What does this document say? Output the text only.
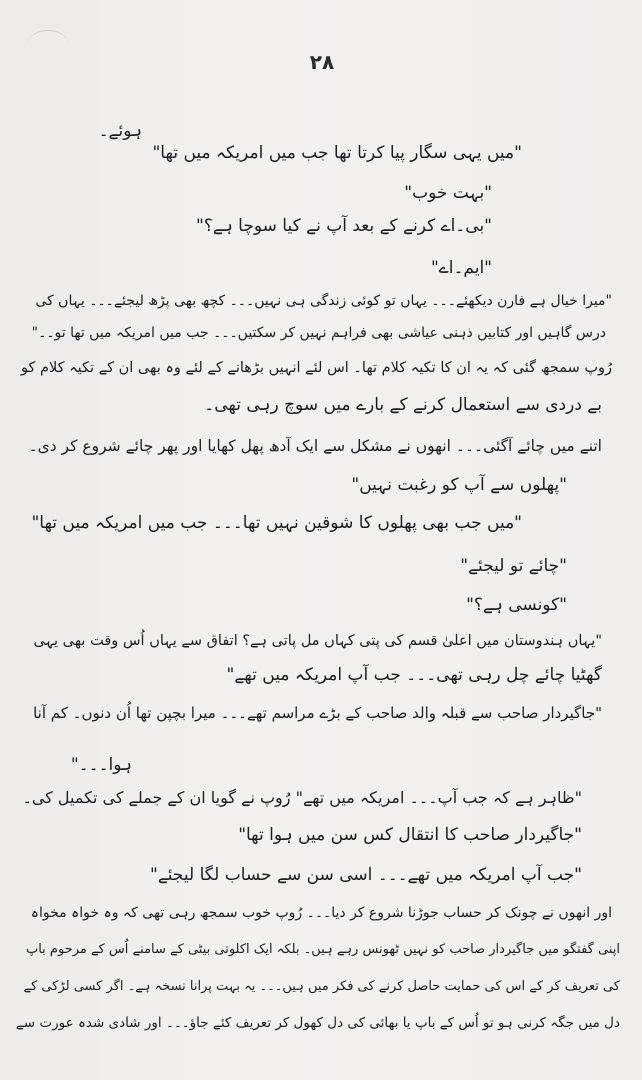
۲۸
ہوئے۔
"میں یہی سگار پیا کرتا تھا جب میں امریکہ میں تھا"
"بہت خوب"
"بی۔اے کرنے کے بعد آپ نے کیا سوچا ہے؟"
"ایم۔اے"
"میرا خیال ہے فارن دیکھئے۔۔۔ یہاں تو کوئی زندگی ہی نہیں۔۔۔ کچھ بھی پڑھ لیجئے۔۔۔ یہاں کی
درس گاہیں اور کتابیں ذہنی عیاشی بھی فراہم نہیں کر سکتیں۔۔۔ جب میں امریکہ میں تھا تو۔۔"
رُوپ سمجھ گئی کہ یہ ان کا تکیہ کلام تھا۔ اس لئے انہیں بڑھانے کے لئے وہ بھی ان کے تکیہ کلام کو
بے دردی سے استعمال کرنے کے بارے میں سوچ رہی تھی۔
اتنے میں چائے آگئی۔۔۔ انھوں نے مشکل سے ایک آدھ پھل کھایا اور پھر چائے شروع کر دی۔
"پھلوں سے آپ کو رغبت نہیں"
"میں جب بھی پھلوں کا شوقین نہیں تھا۔۔۔ جب میں امریکہ میں تھا"
"چائے تو لیجئے"
"کونسی ہے؟"
"یہاں ہندوستان میں اعلیٰ قسم کی پتی کہاں مل پاتی ہے؟ اتفاق سے یہاں اُس وقت بھی یہی
گھٹیا چائے چل رہی تھی۔۔۔ جب آپ امریکہ میں تھے"
"جاگیردار صاحب سے قبلہ والد صاحب کے بڑے مراسم تھے۔۔۔ میرا بچپن تھا اُن دنوں۔ کم آنا
ہوا۔۔۔"
"ظاہر ہے کہ جب آپ۔۔۔ امریکہ میں تھے" رُوپ نے گویا ان کے جملے کی تکمیل کی۔
"جاگیردار صاحب کا انتقال کس سن میں ہوا تھا"
"جب آپ امریکہ میں تھے۔۔۔ اسی سن سے حساب لگا لیجئے"
اور انھوں نے چونک کر حساب جوڑنا شروع کر دیا۔۔۔ رُوپ خوب سمجھ رہی تھی کہ وہ خواہ مخواہ
اپنی گفتگو میں جاگیردار صاحب کو نہیں ٹھونس رہے ہیں۔ بلکہ ایک اکلوتی بیٹی کے سامنے اُس کے مرحوم باپ
کی تعریف کر کے اس کی حمایت حاصل کرنے کی فکر میں ہیں۔۔۔ یہ بہت پرانا نسخہ ہے۔ اگر کسی لڑکی کے
دل میں جگہ کرنی ہو تو اُس کے باپ یا بھائی کی دل کھول کر تعریف کئے جاؤ۔۔۔ اور شادی شدہ عورت سے
